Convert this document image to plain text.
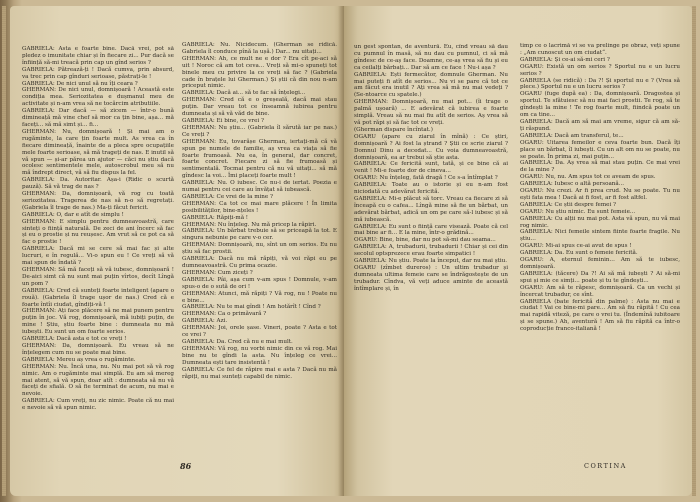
GABRIELA: Asta e foarte bine. Dacă vrei, pot să pledez o imunitate chiar și în fiecare zi... Pur dacă se înființă să-mi treacă prin cap un gînd serios ?

GABRIELA: Pătrează-ți ! Dacă cumva, prin absurd, va trec prin cap gînduri serioase, păstrați-le !

GABRIELA: De nici unul să nu îți ceara ?

GHERMAN: De nici unul, domnișoară ! Această este condiția mea. Seriozitatea e dușmanul meu de activitate și n-am vrea să ne tocărcim atributiile.

GABRIELA: Dar dacă — să zicem — într-o bună dimineață mă vine chef să mor ca țin bine, așa... mă faceți... să mă simt și... fi...

GHERMAN: Nu, domnișoară ! Și mai am o rugăminte, la care țin foarte mult. As vrea ca în fiecare dimineață, înainte de a pleca spre ocupațiile mele foarte serioase, să mă trageți de nas. E inutil să vă spun — și-ar părea un ajutor — căci nu știu dacă ocolesc sentimentele mele, autoscrobul meu să nu mă îndrept direct, vă să fiu dispus la fel.

GABRIELA: Da. Autoritar. Așa-i (Ridic o scurtă pauză). Să vă trag de nas ?

GHERMAN: Da, domnișoară, vă rog cu toată seriozitatea. Tragerea de nas să n-o să regretați. (Gabriela îl trage de nas.) Ma-ți făcut fericit.

GABRIELA: O, dar e atît de simplu !

GHERMAN: E simplu pentru dumneavoastră, care sinteți o ființă naturală. De zeci de ani încerc să fac și eu o prostie și nu reușesc. Am vrut să ce pot ca să fac o prostie !

GABRIELA: Dacă mi se cere să mai fac și alte lucruri, e în regulă... Vi-o spun eu ! Ce vreți să vă mai spun de îndată ?

GHERMAN: Să mă faceți să vă iubesc, domnișoară ! De-aici simt că nu sunt mai puțin vîrtos, decît Lîngă un pom ?

GABRIELA: Cred că sunteți foarte inteligent (apare o rouă). (Gabriela îl trage ușor de nas.) Cred că e foarte întîi ciudat, gîndiți-vă !

GHERMAN: Ați face plăcere să ne mai punem pentru puțin în joc. Vă rog, domnișoară, mă iubiți puțin, de mine ! Știu, știu foarte bine : dumneata nu mă iubești. Eu sunt un om foarte serios.

GABRIELA: Dacă asta e tot ce vreți !

GHERMAN: Da, domnișoară. Eu vreau să ne înțelegem cum nu se poate mai bine.

GABRIELA: Mereu aș vrea o rugăminte.

GHERMAN: Nu. Încă una, nu. Nu mai pot să vă rog nimic. Am o rugăminte mai simplă. Eu am să mereg mai atent, să vă spun, doar atît : dumneata să nu vă faceți de sfială. O să fie terminat de acum, nu mai e nevoie.

GABRIELA: Cum vreți, nu zic nimic. Poate că nu mai e nevoie să vă spun nimic.

GABRIELA: Nu. Nicidecum. (Gherman se ridică. Gabriela îl conduce pînă la ușă.) Dar... nu uitați...

GHERMAN: Ah, ce mult ne e dor ? Era cît pe-aci să uit ! Noroc că am tot ceva... Vreți să mi-o spuneți tot binele meu cu privire la ce vreți să fac ? (Gabriela cade în brațele lui Gherman.) Și știi că din nou n-am priceput nimic.

GABRIELA: Dacă ai... să te fac să înțelegi...

GHERMAN: Cred că e o greșeală, dacă mai stau puțin. Dar vreau tot ce înseamnă iubirea pentru dumneata și să vă văd de bine.

GABRIELA: Ei bine, ce vrei ?

GHERMAN: Nu știu... (Gabriela îl sărută iar pe nas.) Ce vreți ?

GHERMAN: Eu, tovarășe Gherman, iertați-mă că vă spun pe numele de familie, aș vrea ca viața să fie foarte frumoasă. Nu ea, în general, dar concret, foarte concret. Fiecare zi să fie frumoasă și sentimentală. Tocmai pentru că nu vă uitați... să mă gîndesc la voi... Îmi placeți foarte mult !

GABRIELA: Nu. O iubesc. Ce nu-i de iertat. Poezia e numai pentru cei care au învățat să iubească.

GABRIELA: Ce vrei de la mine ?

GHERMAN: Ca tot ce mai mare plăcere ! În limita posibilităților, bine-nțeles !

GABRIELA: Răpiți-mă !

GHERMAN: Nu înțeleg. Nu mă pricep la răpiri.

GABRIELA: Un bărbat trebuie să se priceapă la tot. E singura nebunie pe care v-o cer.

GHERMAN: Domnișoară, nu, sînt un om serios. Eu nu știu să fac prostii.

GABRIELA: Dacă nu mă răpiți, vă voi răpi eu pe dumneavoastră. Cu prima ocazie.

GHERMAN: Cum ziceți ?

GABRIELA: Pâi, așa cum v-am spus ! Domnule, v-am spus-o de o sută de ori !

GHERMAN: Atunci, mă răpiți ? Vă rog, nu ! Poate nu e bine...

GABRIELA: Nu te mai gîndi ! Am hotărît ! Cînd ?

GHERMAN: Ca o primăvară ?

GABRIELA: Azi.

GHERMAN: Joi, orele șase. Vineri, poate ? Asta e tot ce vrei ?

GABRIELA: Da. Cred că nu e mai mult.

GHERMAN: Vă rog, nu vorbi nimic din ce vă rog. Mai bine nu te gîndi la asta. Nu înțeleg ce vrei... Dumneata ești tare insistentă !

GABRIELA: Ce fel de răpire mai e asta ? Dacă nu mă răpiți, nu mai sunteți capabil de nimic.

86

un gest spontan, de aventură. Eu, cînd vreau să dau cu pumnul în masă, să nu dau cu pumnul, ci să mă gîndesc de ce-aș face. Doamne, ce-aș vrea să fiu și eu ca ceilalți bărbați... Dar să am ce face ! Nu-i așa ?

GABRIELA: Ești fermecător, domnule Gherman. Nu mai puteți fi atît de serios... Nu vi se pare că tot ce am făcut era inutil ? Ați vrea să mă nu mai vedeți ? (Se-ntoarce cu spatele.)

GHERMAN: Domnișoară, nu mai pot... (îi trage o palmă ușoară) ... E adevărat că iubirea e foarte simplă. Vreau să nu mai fiu atît de serios. Aș vrea să vă pot răpi și să fac tot ce vreți.

(Gherman dispare încîntat.)

OGARU (apare cu ziarul în mînă) : Ce știri, domnișoară ? Ai fost la ștrand ? Știi ce scrie ziarul ? Domnul Dinu a decedat... Cu voia dumneavoastră, domnișoară, ea ar trebui să știe asta.

GABRIELA: Ce fericită sunt, tată, și ce bine că ai venit ! Mi-e foarte dor de cineva...

OGARU: Nu înțeleg, fată dragă ! Ce s-a întîmplat ?

GABRIELA: Toate au o istorie și eu n-am fost niciodată cu adevărat fericită.

GABRIELA: Mi-e plăcut să torc. Vreau ca fiecare zi să înceapă cu o cafea... Lîngă mine să fie un bărbat, un adevărat bărbat, adică un om pe care să-l iubesc și să mă iubească.

GABRIELA: Eu sunt o ființă care visează. Poate că cel mai bine ar fi... E la mine, într-o grădină...

OGARU: Bine, bine, dar nu pot să-mi dau seama...

GABRIELA: A, trubadurii, trubadurii ! Chiar și cei din secolul optsprezece erau foarte simpatici !

GABRIELA: Nu știu. Poate la început, dar nu mai știu.

OGARU (zîmbet dureros) : Un ultim trubadur și dumneata ultima femeie care se îndrăgostește de un trubadur. Cîndva, vă veți aduce aminte de această întîmplare și, în

timp ce o lacrimă vi se va prelinge pe obraz, veți spune : „Am cunoscut un om ciudat“.

GABRIELA: Și ce-ai să-mi ceri ?

OGARU: Există un om serios ? Sportul nu e un lucru serios ?

GABRIELA (se ridică) : Da ?! Și sportul nu e ? (Vrea să plece.) Sportul nu e un lucru serios ?

OGARU (fuge după ea) : Da, domnișoară. Dragostea și sportul. Te sfătuiesc să nu mai faci prostii. Te rog, să te gîndești la mine ! Te rog foarte mult, fiindcă poate un om ca tine...

GABRIELA: Dacă am să mai am vreme, sigur că am să-ți răspund.

GABRIELA: Dacă am transferul, te...

OGARU: Uitarea femeilor e ceva foarte bun. Dacă îți place un bărbat, îl iubești. Cu un alt om nu se poate, nu se poate. În prima zi, mai puțin...

GABRIELA: Da. Aș vrea să mai stau puțin. Ce mai vrei de la mine ?

OGARU: Nu, nu. Am spus tot ce aveam de spus.

GABRIELA: Iubesc o altă persoană...

OGARU: Nu crezi. Ar fi prea crud. Nu se poate. Tu nu ești fata mea ! Dacă ai fi fost, ar fi fost altfel.

GABRIELA: Ce știi despre femei ?

OGARU: Nu știu nimic. Eu sunt femeie...

GABRIELA: Cu alții nu mai pot. Asta vă spun, nu vă mai rog nimic.

GABRIELA: Nici femeile sintem fiinte foarte fragile. Nu știu...

OGARU: Mi-ai spus ce-ai avut de spus !

GABRIELA: Da. Eu sunt o femeie fericită.

OGARU: A, eternul feminin... Am să te iubesc, domnișoară.

GABRIELA: (tăcere) Da ?! Ai să mă iubești ? Ai să-mi spui și mie ce simți... poate și tu te gîndești...

OGARU: Am să te răpesc, domnișoară. Ca un vechi și încercat trubadur, ce sînt.

GABRIELA (bate fericită din palme) : Asta nu mai e ciudat ! Vai ce bine-mi pare... Am să fiu răpită ! Cu cea mai rapidă viteză, pe care o vrei tu. (Îndemînă iubitoare și se spune.) Ah, aventură ! Am să fiu răpită ca într-o coproducție franco-italiană !

CORTINA
